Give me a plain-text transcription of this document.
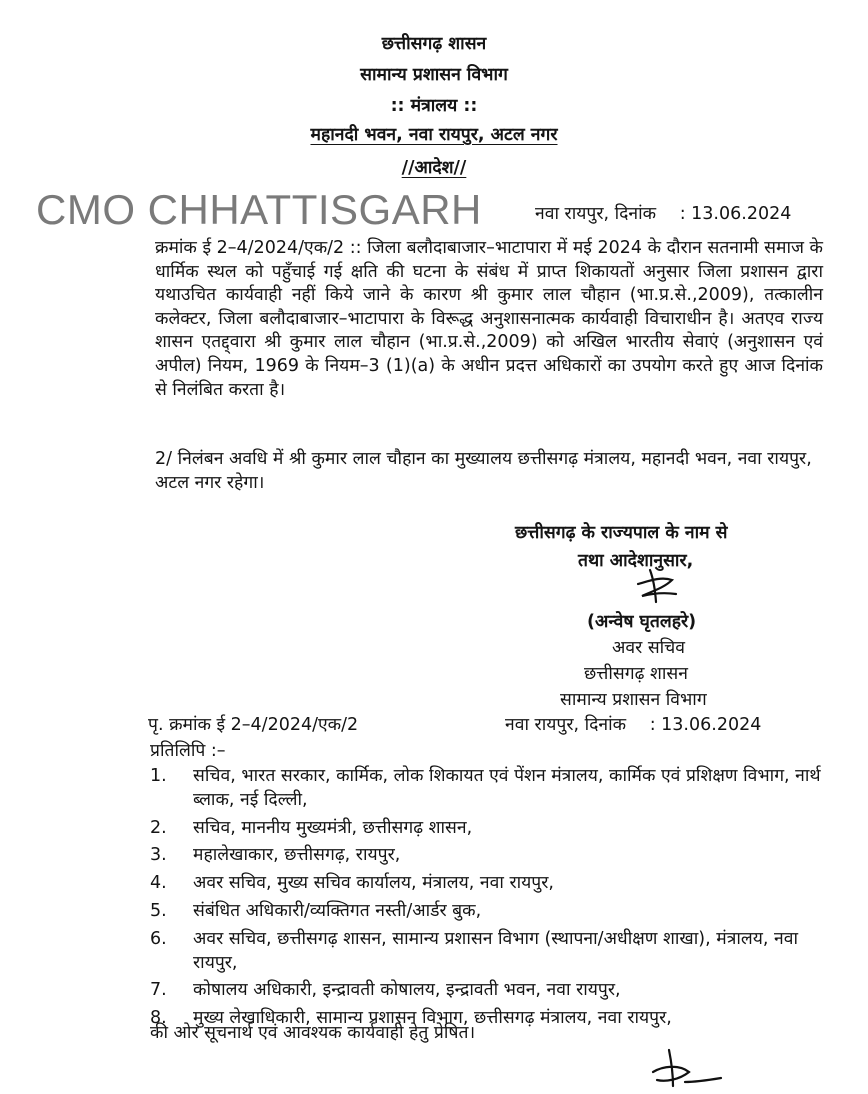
छत्तीसगढ़ शासन
सामान्य प्रशासन विभाग
:: मंत्रालय ::
महानदी भवन, नवा रायपुर, अटल नगर
//आदेश//
CMO CHHATTISGARH	नवा रायपुर, दिनांक : 13.06.2024
क्रमांक ई 2–4/2024/एक/2 :: जिला बलौदाबाजार–भाटापारा में मई 2024 के दौरान सतनामी समाज के धार्मिक स्थल को पहुँचाई गई क्षति की घटना के संबंध में प्राप्त शिकायतों अनुसार जिला प्रशासन द्वारा यथाउचित कार्यवाही नहीं किये जाने के कारण श्री कुमार लाल चौहान (भा.प्र.से.,2009), तत्कालीन कलेक्टर, जिला बलौदाबाजार–भाटापारा के विरूद्ध अनुशासनात्मक कार्यवाही विचाराधीन है। अतएव राज्य शासन एतद्द्वारा श्री कुमार लाल चौहान (भा.प्र.से.,2009) को अखिल भारतीय सेवाएं (अनुशासन एवं अपील) नियम, 1969 के नियम–3 (1)(a) के अधीन प्रदत्त अधिकारों का उपयोग करते हुए आज दिनांक से निलंबित करता है।
2/ निलंबन अवधि में श्री कुमार लाल चौहान का मुख्यालय छत्तीसगढ़ मंत्रालय, महानदी भवन, नवा रायपुर, अटल नगर रहेगा।
छत्तीसगढ़ के राज्यपाल के नाम से
तथा आदेशानुसार,
(अन्वेष घृतलहरे)
अवर सचिव
छत्तीसगढ़ शासन
सामान्य प्रशासन विभाग
पृ. क्रमांक ई 2–4/2024/एक/2	नवा रायपुर, दिनांक : 13.06.2024
प्रतिलिपि :–
1. सचिव, भारत सरकार, कार्मिक, लोक शिकायत एवं पेंशन मंत्रालय, कार्मिक एवं प्रशिक्षण विभाग, नार्थ ब्लाक, नई दिल्ली,
2. सचिव, माननीय मुख्यमंत्री, छत्तीसगढ़ शासन,
3. महालेखाकार, छत्तीसगढ़, रायपुर,
4. अवर सचिव, मुख्य सचिव कार्यालय, मंत्रालय, नवा रायपुर,
5. संबंधित अधिकारी/व्यक्तिगत नस्ती/आर्डर बुक,
6. अवर सचिव, छत्तीसगढ़ शासन, सामान्य प्रशासन विभाग (स्थापना/अधीक्षण शाखा), मंत्रालय, नवा रायपुर,
7. कोषालय अधिकारी, इन्द्रावती कोषालय, इन्द्रावती भवन, नवा रायपुर,
8. मुख्य लेखाधिकारी, सामान्य प्रशासन विभाग, छत्तीसगढ़ मंत्रालय, नवा रायपुर,
की ओर सूचनार्थ एवं आवश्यक कार्यवाही हेतु प्रेषित।
